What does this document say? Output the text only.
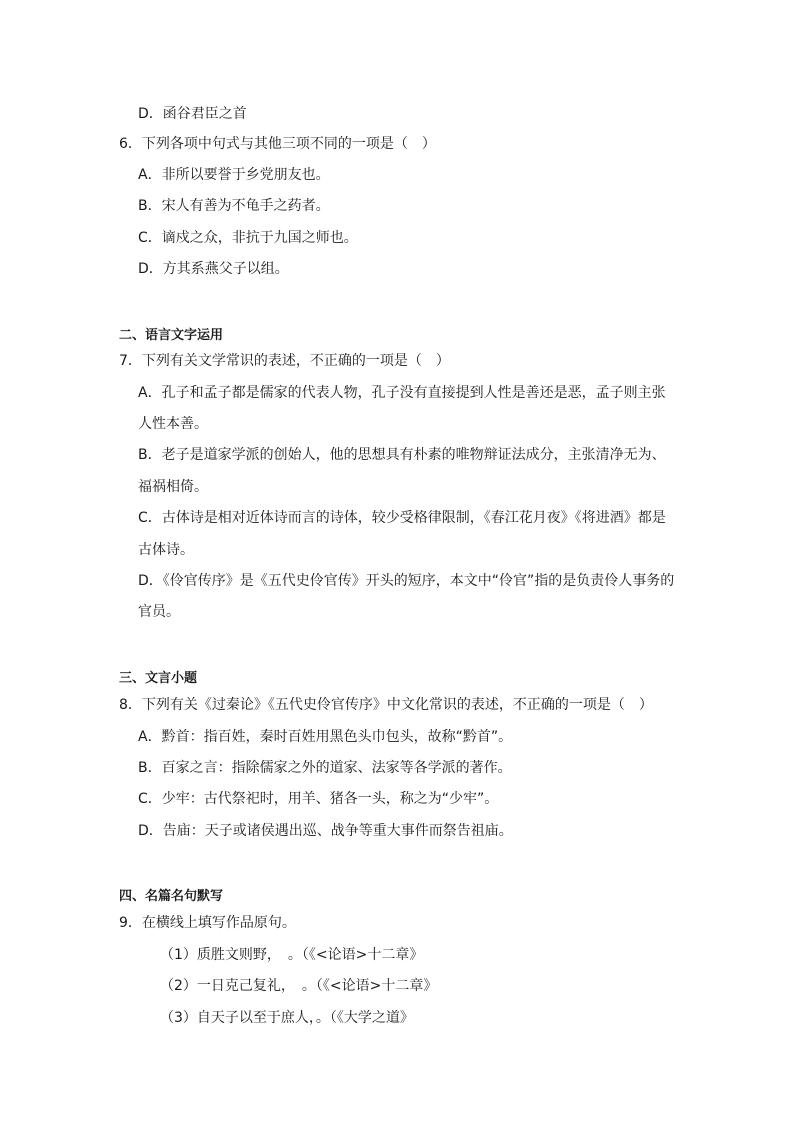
D．函谷君臣之首
6．下列各项中句式与其他三项不同的一项是（　）
A．非所以要誉于乡党朋友也。
B．宋人有善为不龟手之药者。
C．谪戍之众，非抗于九国之师也。
D．方其系燕父子以组。
二、语言文字运用
7．下列有关文学常识的表述，不正确的一项是（　）
A．孔子和孟子都是儒家的代表人物，孔子没有直接提到人性是善还是恶，孟子则主张
人性本善。
B．老子是道家学派的创始人，他的思想具有朴素的唯物辩证法成分，主张清净无为、
福祸相倚。
C．古体诗是相对近体诗而言的诗体，较少受格律限制，《春江花月夜》《将进酒》都是
古体诗。
D．《伶官传序》是《五代史伶官传》开头的短序，本文中“伶官”指的是负责伶人事务的
官员。
三、文言小题
8．下列有关《过秦论》《五代史伶官传序》中文化常识的表述，不正确的一项是（　）
A．黔首：指百姓，秦时百姓用黑色头巾包头，故称“黔首”。
B．百家之言：指除儒家之外的道家、法家等各学派的著作。
C．少牢：古代祭祀时，用羊、猪各一头，称之为“少牢”。
D．告庙：天子或诸侯遇出巡、战争等重大事件而祭告祖庙。
四、名篇名句默写
9．在横线上填写作品原句。
（1）质胜文则野，　。（《<论语>十二章》
（2）一日克己复礼，　。（《<论语>十二章》
（3）自天子以至于庶人，。（《大学之道》
